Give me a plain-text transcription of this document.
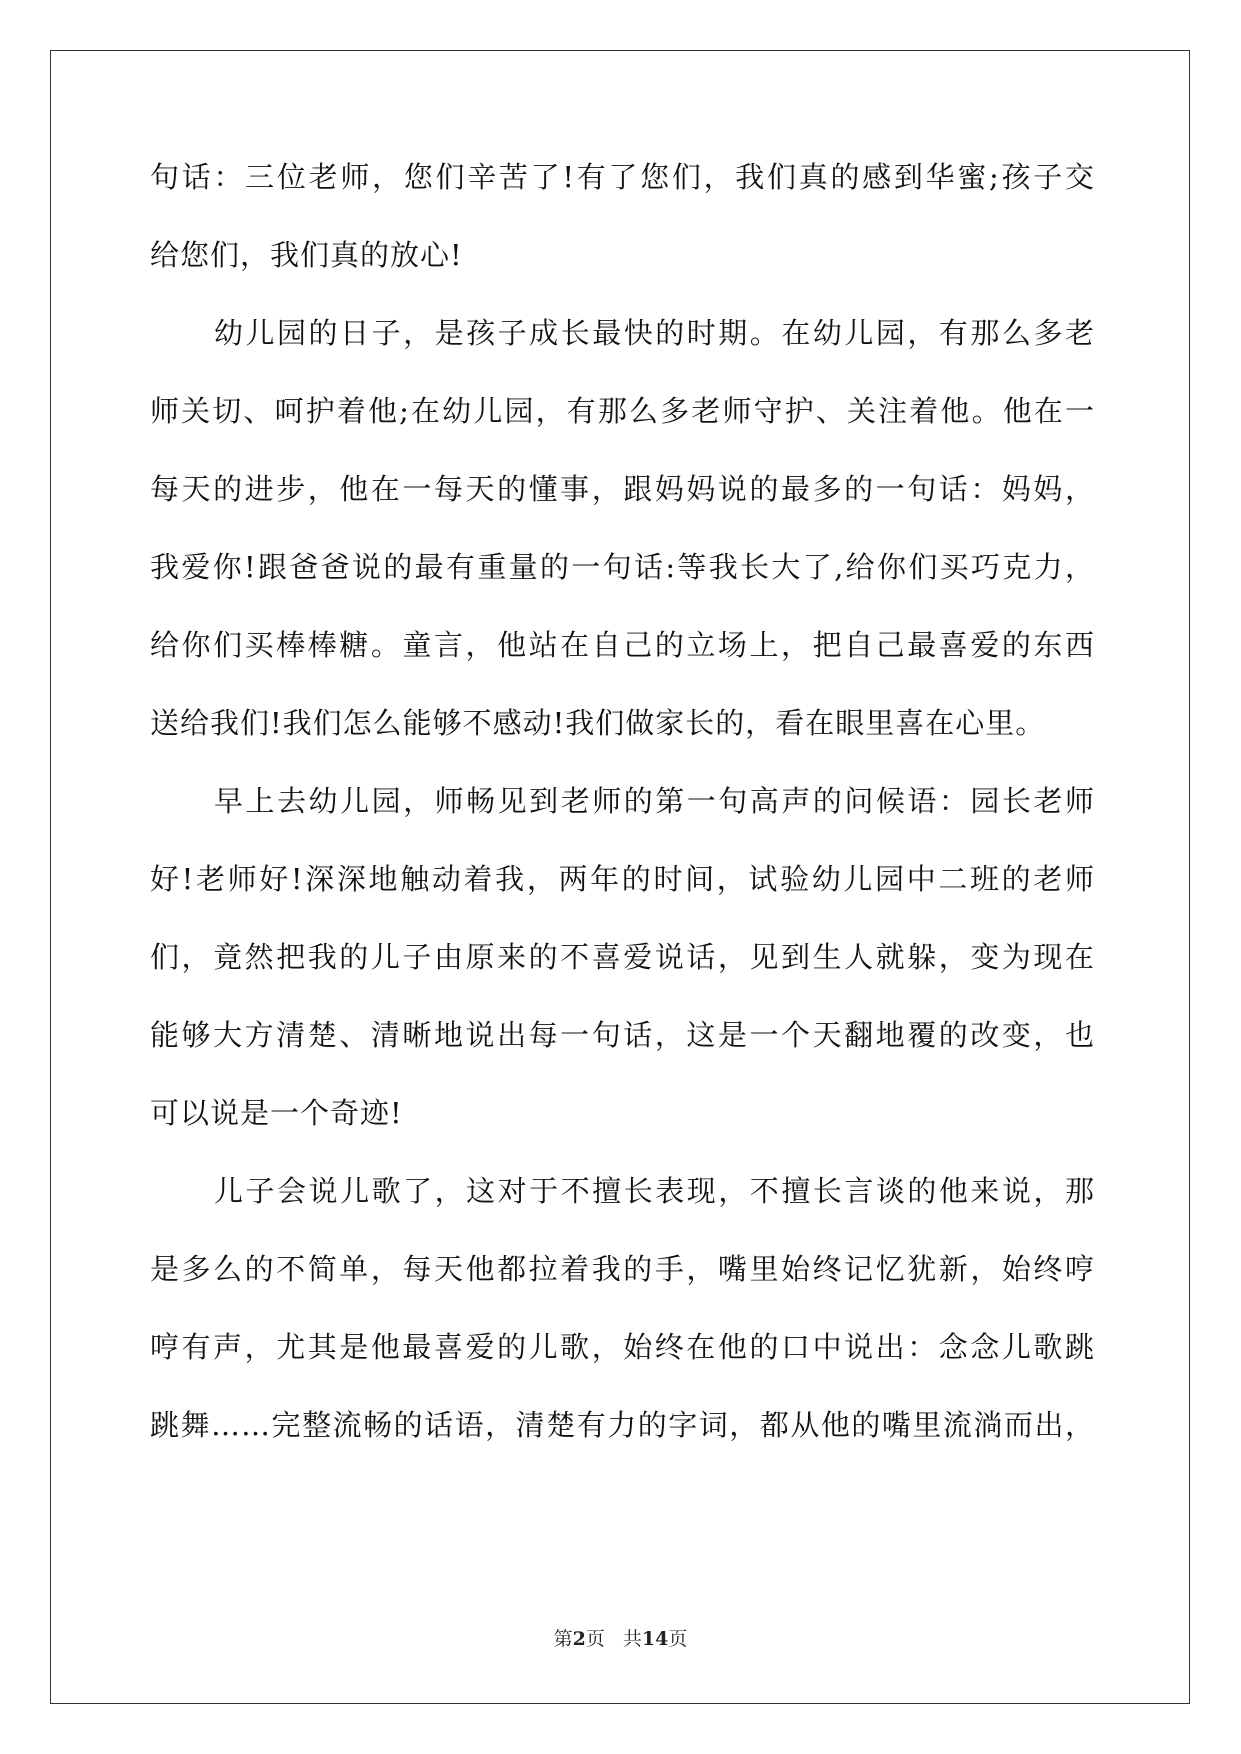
句话：三位老师，您们辛苦了!有了您们，我们真的感到华蜜;孩子交
给您们，我们真的放心!
幼儿园的日子，是孩子成长最快的时期。在幼儿园，有那么多老
师关切、呵护着他;在幼儿园，有那么多老师守护、关注着他。他在一
每天的进步，他在一每天的懂事，跟妈妈说的最多的一句话：妈妈，
我爱你!跟爸爸说的最有重量的一句话:等我长大了,给你们买巧克力，
给你们买棒棒糖。童言，他站在自己的立场上，把自己最喜爱的东西
送给我们!我们怎么能够不感动!我们做家长的，看在眼里喜在心里。
早上去幼儿园，师畅见到老师的第一句高声的问候语：园长老师
好!老师好!深深地触动着我，两年的时间，试验幼儿园中二班的老师
们，竟然把我的儿子由原来的不喜爱说话，见到生人就躲，变为现在
能够大方清楚、清晰地说出每一句话，这是一个天翻地覆的改变，也
可以说是一个奇迹!
儿子会说儿歌了，这对于不擅长表现，不擅长言谈的他来说，那
是多么的不简单，每天他都拉着我的手，嘴里始终记忆犹新，始终哼
哼有声，尤其是他最喜爱的儿歌，始终在他的口中说出：念念儿歌跳
跳舞……完整流畅的话语，清楚有力的字词，都从他的嘴里流淌而出，
第2页 共14页
